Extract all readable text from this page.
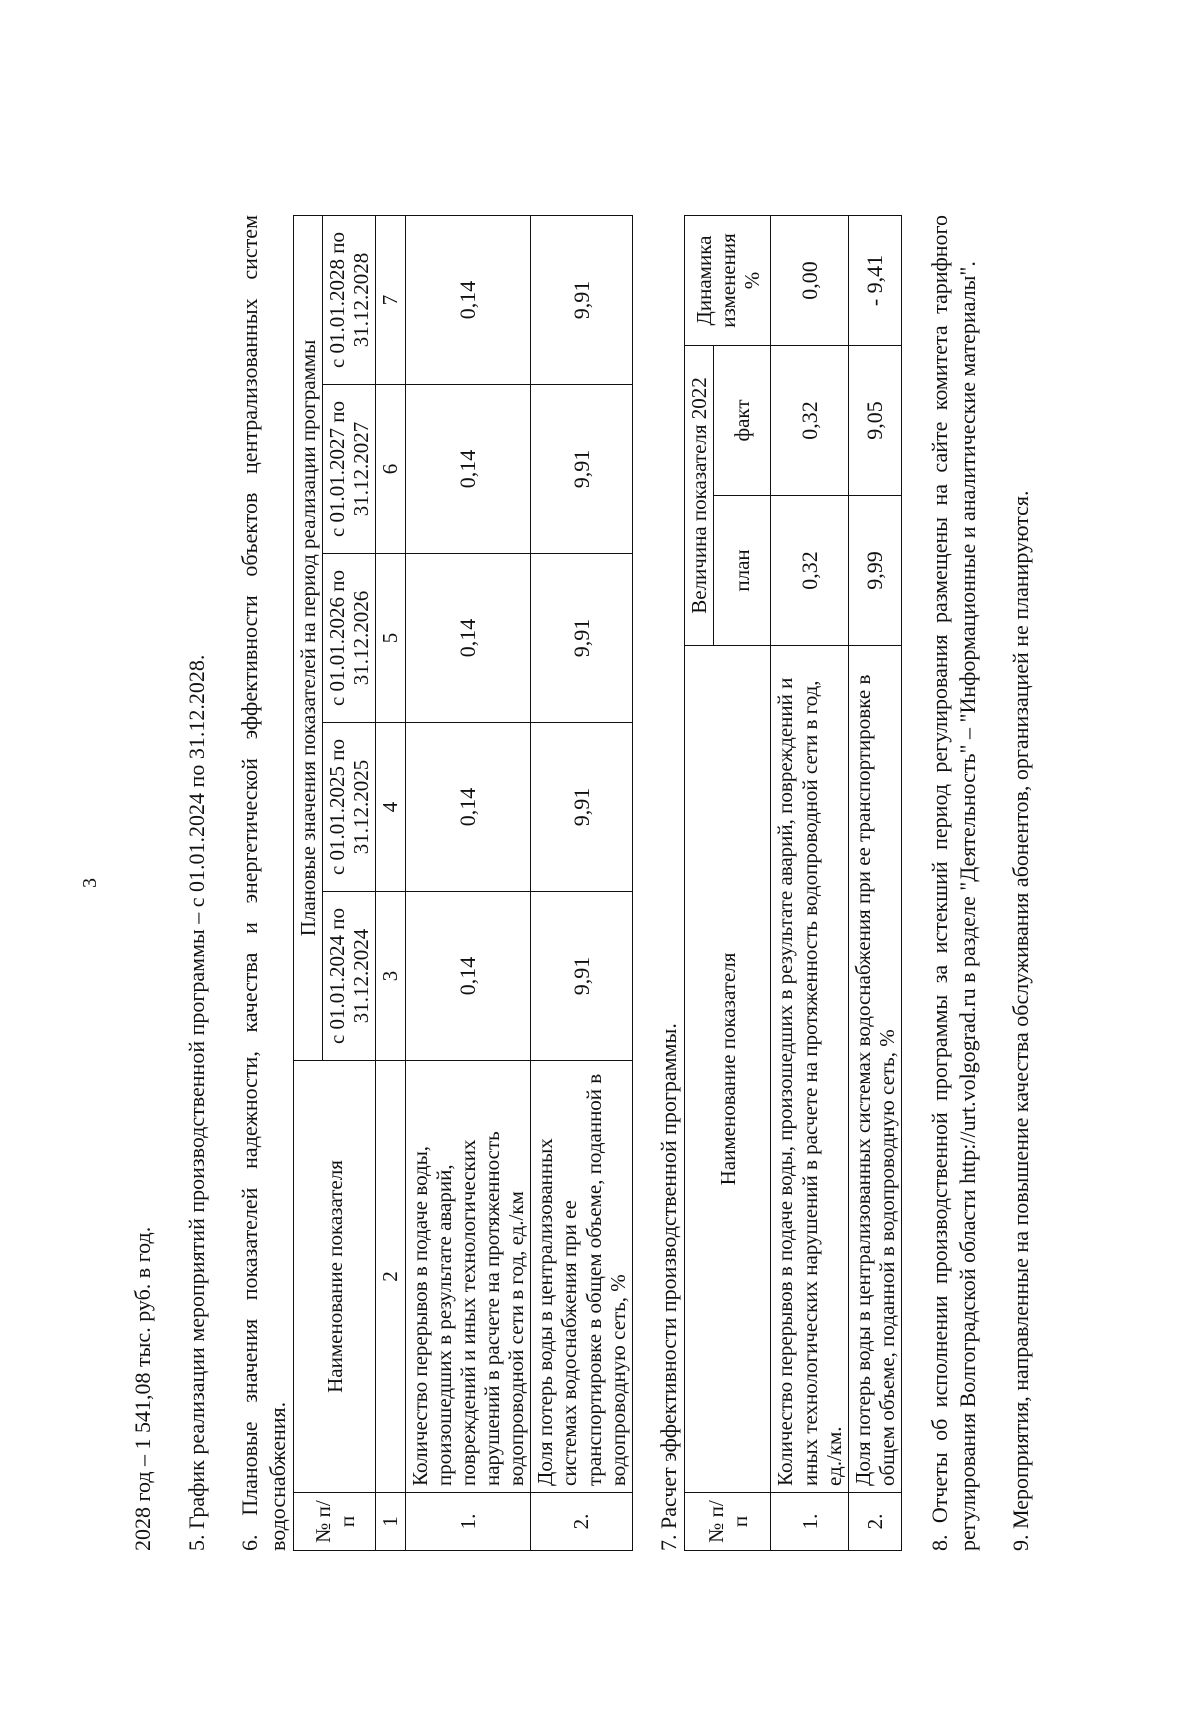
3

2028 год – 1 541,08 тыс. руб. в год. 5. График реализации мероприятий производственной программы – с 01.01.2024 по 31.12.2028. 6. Плановые значения показателей надежности, качества и энергетической эффективности объектов централизованных систем водоснабжения. № п/п	Наименование показателя	Плановые значения показателей на период реализации программы				
		с 01.01.2024 по 31.12.2024	с 01.01.2025 по 31.12.2025	с 01.01.2026 по 31.12.2026	с 01.01.2027 по 31.12.2027	с 01.01.2028 по 31.12.2028
1	2	3	4	5	6	7
1.	Количество перерывов в подаче воды, произошедших в результате аварий, повреждений и иных технологических нарушений в расчете на протяженность водопроводной сети в год, ед./км	0,14	0,14	0,14	0,14	0,14
2.	Доля потерь воды в централизованных системах водоснабжения при ее транспортировке в общем объеме, поданной в водопроводную сеть, %	9,91	9,91	9,91	9,91	9,91

7. Расчет эффективности производственной программы. № п/п	Наименование показателя	Величина показателя 2022		Динамика изменения %
		план	факт	
1.	Количество перерывов в подаче воды, произошедших в результате аварий, повреждений и иных технологических нарушений в расчете на протяженность водопроводной сети в год, ед./км.	0,32	0,32	0,00
2.	Доля потерь воды в централизованных системах водоснабжения при ее транспортировке в общем объеме, поданной в водопроводную сеть, %	9,99	9,05	- 9,41 8. Отчеты об исполнении производственной программы за истекший период регулирования размещены на сайте комитета тарифного регулирования Волгоградской области http://urt.volgograd.ru в разделе "Деятельность" – "Информационные и аналитические материалы". 9. Мероприятия, направленные на повышение качества обслуживания абонентов, организацией не планируются.
